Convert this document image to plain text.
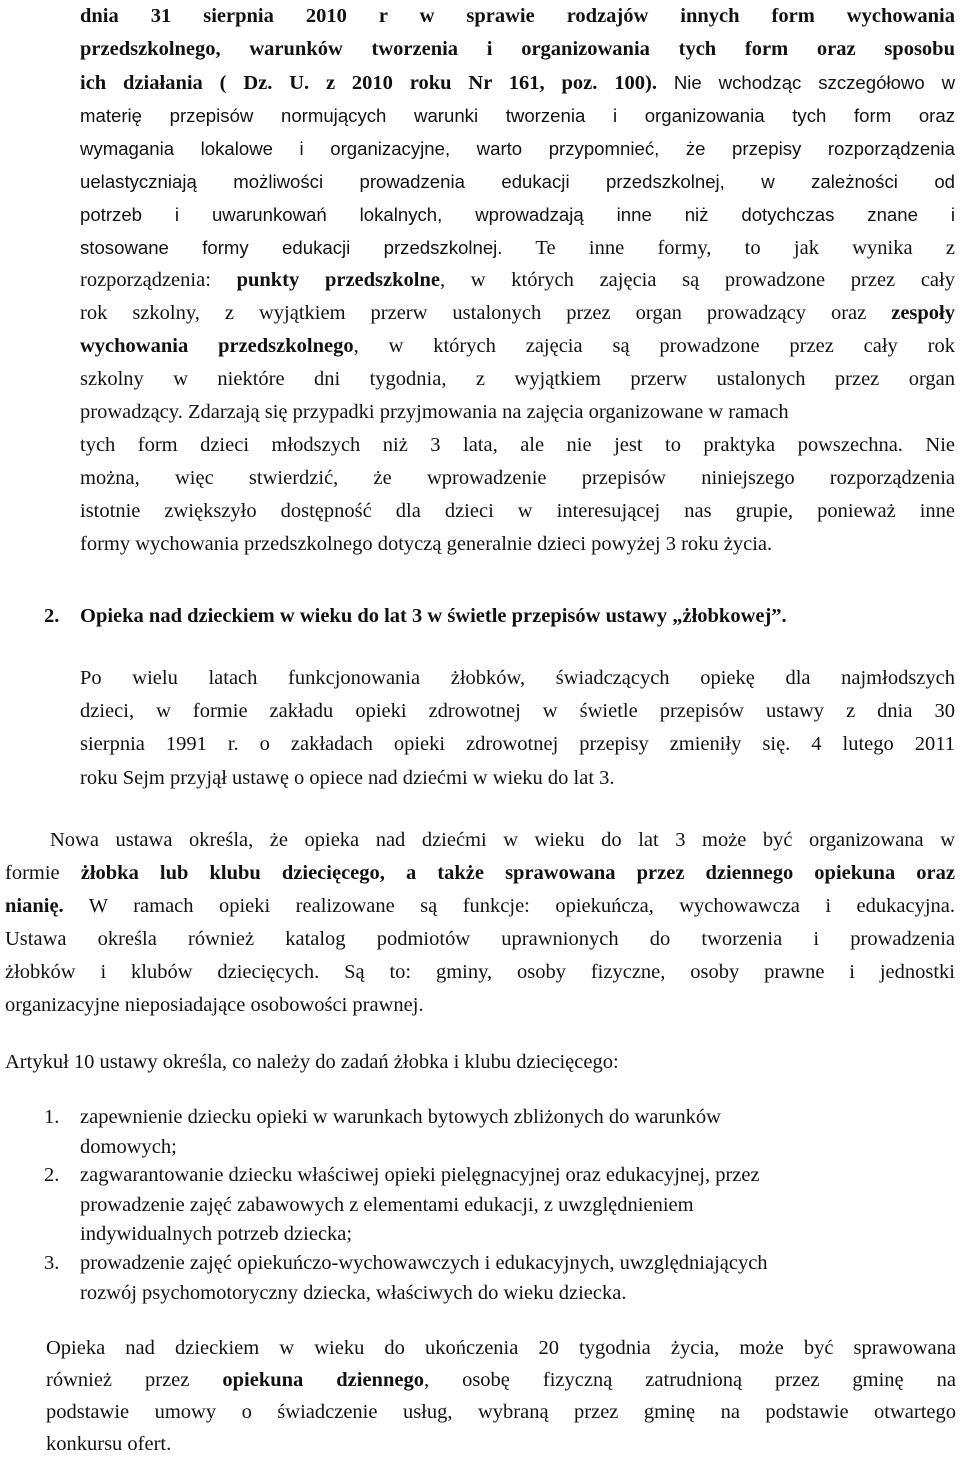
dnia 31 sierpnia 2010 r w sprawie rodzajów innych form wychowania
przedszkolnego, warunków tworzenia i organizowania tych form oraz sposobu
ich działania ( Dz. U. z 2010 roku Nr 161, poz. 100). Nie wchodząc szczegółowo w
materię przepisów normujących warunki tworzenia i organizowania tych form oraz
wymagania lokalowe i organizacyjne, warto przypomnieć, że przepisy rozporządzenia
uelastyczniają możliwości prowadzenia edukacji przedszkolnej, w zależności od
potrzeb i uwarunkowań lokalnych, wprowadzają inne niż dotychczas znane i
stosowane formy edukacji przedszkolnej. Te inne formy, to jak wynika z
rozporządzenia: punkty przedszkolne, w których zajęcia są prowadzone przez cały
rok szkolny, z wyjątkiem przerw ustalonych przez organ prowadzący oraz zespoły
wychowania przedszkolnego, w których zajęcia są prowadzone przez cały rok
szkolny w niektóre dni tygodnia, z wyjątkiem przerw ustalonych przez organ
prowadzący. Zdarzają się przypadki przyjmowania na zajęcia organizowane w ramach
tych form dzieci młodszych niż 3 lata, ale nie jest to praktyka powszechna. Nie
można, więc stwierdzić, że wprowadzenie przepisów niniejszego rozporządzenia
istotnie zwiększyło dostępność dla dzieci w interesującej nas grupie, ponieważ inne
formy wychowania przedszkolnego dotyczą generalnie dzieci powyżej 3 roku życia.
2. Opieka nad dzieckiem w wieku do lat 3 w świetle przepisów ustawy „żłobkowej”.
Po wielu latach funkcjonowania żłobków, świadczących opiekę dla najmłodszych
dzieci, w formie zakładu opieki zdrowotnej w świetle przepisów ustawy z dnia 30
sierpnia 1991 r. o zakładach opieki zdrowotnej przepisy zmieniły się. 4 lutego 2011
roku Sejm przyjął ustawę o opiece nad dziećmi w wieku do lat 3.
Nowa ustawa określa, że opieka nad dziećmi w wieku do lat 3 może być organizowana w
formie żłobka lub klubu dziecięcego, a także sprawowana przez dziennego opiekuna oraz
nianię. W ramach opieki realizowane są funkcje: opiekuńcza, wychowawcza i edukacyjna.
Ustawa określa również katalog podmiotów uprawnionych do tworzenia i prowadzenia
żłobków i klubów dziecięcych. Są to: gminy, osoby fizyczne, osoby prawne i jednostki
organizacyjne nieposiadające osobowości prawnej.
Artykuł 10 ustawy określa, co należy do zadań żłobka i klubu dziecięcego:
1. zapewnienie dziecku opieki w warunkach bytowych zbliżonych do warunków
domowych;
2. zagwarantowanie dziecku właściwej opieki pielęgnacyjnej oraz edukacyjnej, przez
prowadzenie zajęć zabawowych z elementami edukacji, z uwzględnieniem
indywidualnych potrzeb dziecka;
3. prowadzenie zajęć opiekuńczo-wychowawczych i edukacyjnych, uwzględniających
rozwój psychomotoryczny dziecka, właściwych do wieku dziecka.
Opieka nad dzieckiem w wieku do ukończenia 20 tygodnia życia, może być sprawowana
również przez opiekuna dziennego, osobę fizyczną zatrudnioną przez gminę na
podstawie umowy o świadczenie usług, wybraną przez gminę na podstawie otwartego
konkursu ofert.
